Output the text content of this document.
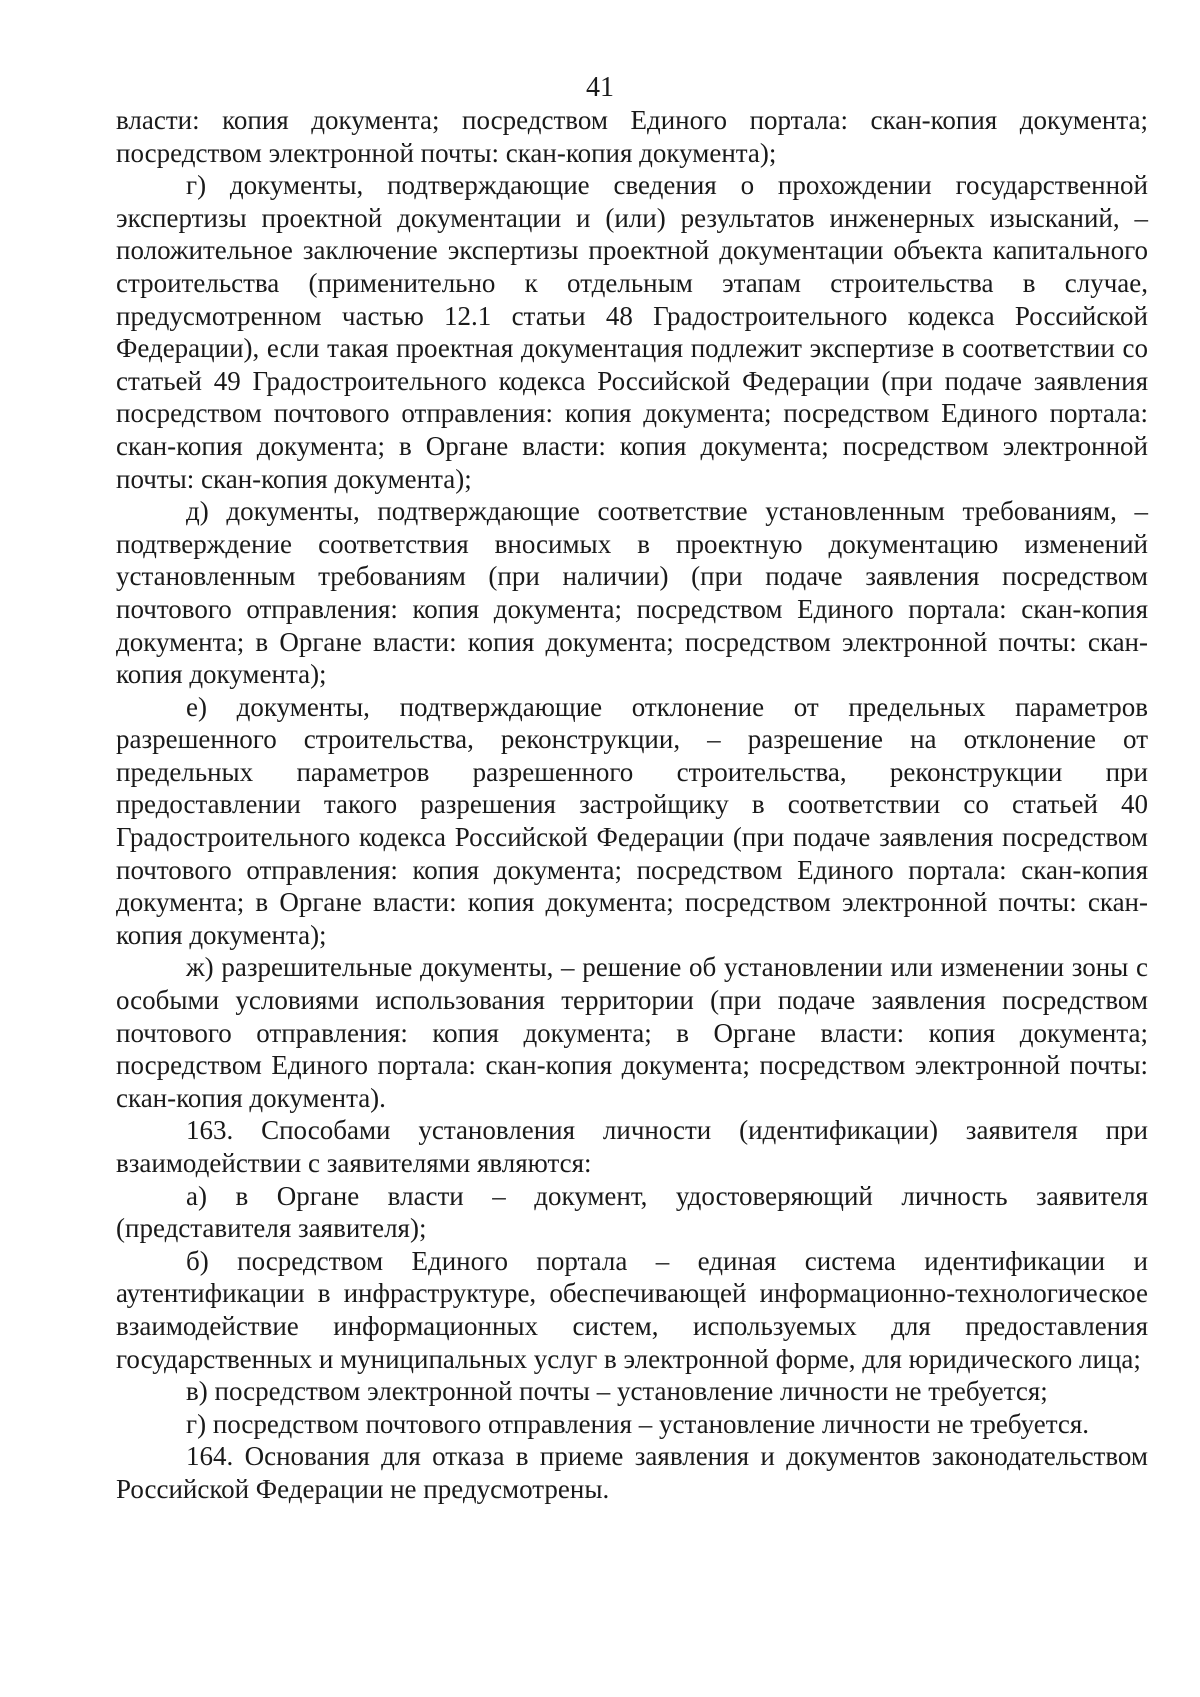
41

власти: копия документа; посредством Единого портала: скан-копия документа; посредством электронной почты: скан-копия документа);

г) документы, подтверждающие сведения о прохождении государственной экспертизы проектной документации и (или) результатов инженерных изысканий, – положительное заключение экспертизы проектной документации объекта капитального строительства (применительно к отдельным этапам строительства в случае, предусмотренном частью 12.1 статьи 48 Градостроительного кодекса Российской Федерации), если такая проектная документация подлежит экспертизе в соответствии со статьей 49 Градостроительного кодекса Российской Федерации (при подаче заявления посредством почтового отправления: копия документа; посредством Единого портала: скан-копия документа; в Органе власти: копия документа; посредством электронной почты: скан-копия документа);

д) документы, подтверждающие соответствие установленным требованиям, – подтверждение соответствия вносимых в проектную документацию изменений установленным требованиям (при наличии) (при подаче заявления посредством почтового отправления: копия документа; посредством Единого портала: скан-копия документа; в Органе власти: копия документа; посредством электронной почты: скан-копия документа);

е) документы, подтверждающие отклонение от предельных параметров разрешенного строительства, реконструкции, – разрешение на отклонение от предельных параметров разрешенного строительства, реконструкции при предоставлении такого разрешения застройщику в соответствии со статьей 40 Градостроительного кодекса Российской Федерации (при подаче заявления посредством почтового отправления: копия документа; посредством Единого портала: скан-копия документа; в Органе власти: копия документа; посредством электронной почты: скан-копия документа);

ж) разрешительные документы, – решение об установлении или изменении зоны с особыми условиями использования территории (при подаче заявления посредством почтового отправления: копия документа; в Органе власти: копия документа; посредством Единого портала: скан-копия документа; посредством электронной почты: скан-копия документа).

163. Способами установления личности (идентификации) заявителя при взаимодействии с заявителями являются:

а) в Органе власти – документ, удостоверяющий личность заявителя (представителя заявителя);

б) посредством Единого портала – единая система идентификации и аутентификации в инфраструктуре, обеспечивающей информационно-технологическое взаимодействие информационных систем, используемых для предоставления государственных и муниципальных услуг в электронной форме, для юридического лица;

в) посредством электронной почты – установление личности не требуется;

г) посредством почтового отправления – установление личности не требуется.

164. Основания для отказа в приеме заявления и документов законодательством Российской Федерации не предусмотрены.
